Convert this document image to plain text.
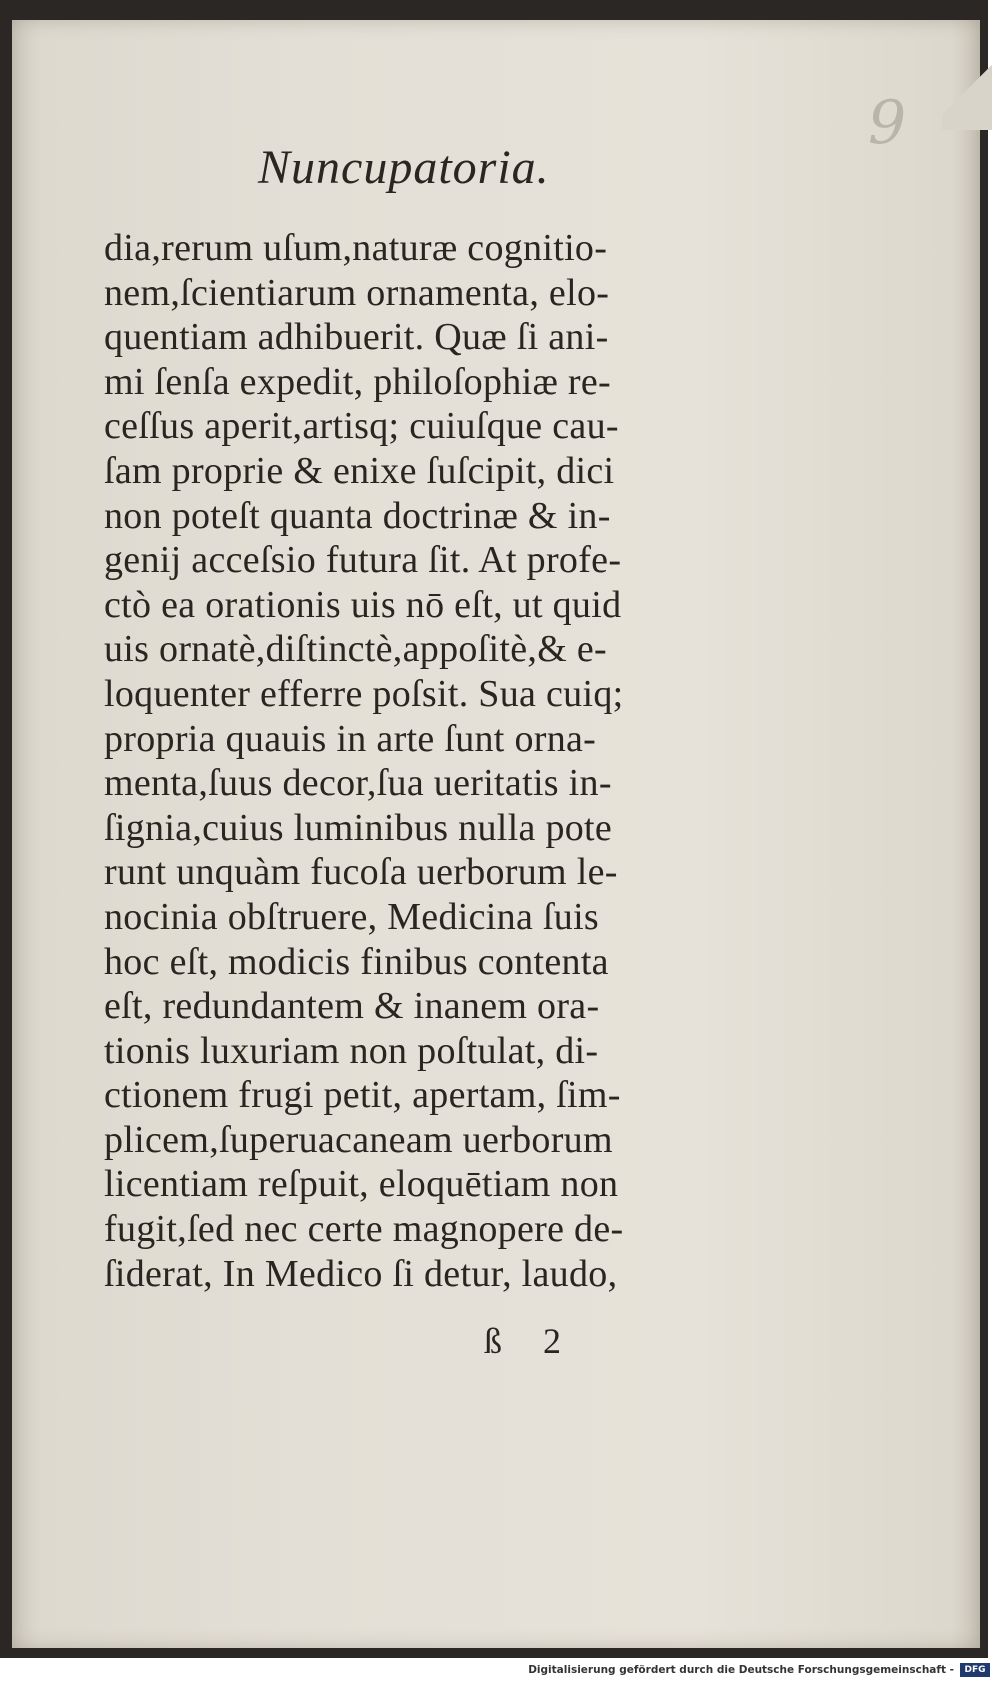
9
Nuncupatoria.
dia,rerum uſum,naturæ cognitio-
nem,ſcientiarum ornamenta, elo-
quentiam adhibuerit. Quæ ſi ani-
mi ſenſa expedit, philoſophiæ re-
ceſſus aperit,artisq; cuiuſque cau-
ſam proprie & enixe ſuſcipit, dici
non poteſt quanta doctrinæ & in-
genij acceſsio futura ſit. At profe-
ctò ea orationis uis nō eſt, ut quid
uis ornatè,diſtinctè,appoſitè,& e-
loquenter efferre poſsit. Sua cuiq;
propria quauis in arte ſunt orna-
menta,ſuus decor,ſua ueritatis in-
ſignia,cuius luminibus nulla pote
runt unquàm fucoſa uerborum le-
nocinia obſtruere, Medicina ſuis
hoc eſt, modicis finibus contenta
eſt, redundantem & inanem ora-
tionis luxuriam non poſtulat, di-
ctionem frugi petit, apertam, ſim-
plicem,ſuperuacaneam uerborum
licentiam reſpuit, eloquētiam non
fugit,ſed nec certe magnopere de-
ſiderat, In Medico ſi detur, laudo,
ß 2
Digitalisierung gefördert durch die Deutsche Forschungsgemeinschaft -	DFG
